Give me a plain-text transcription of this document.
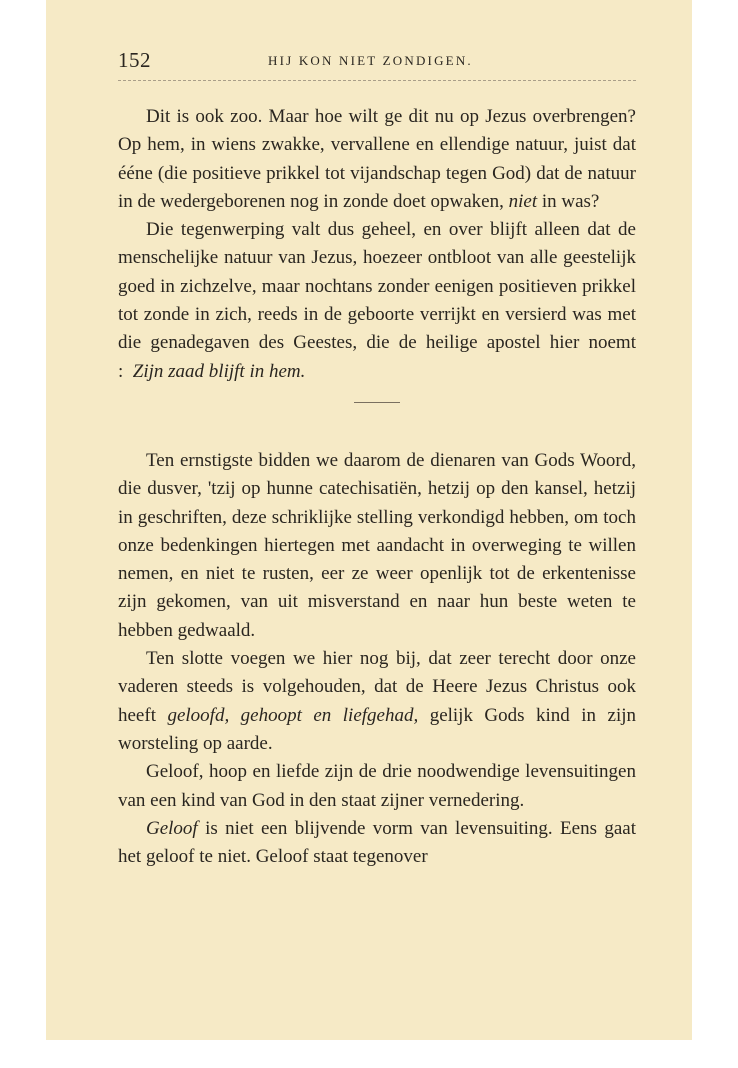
152	HIJ KON NIET ZONDIGEN.

Dit is ook zoo. Maar hoe wilt ge dit nu op Jezus overbrengen? Op hem, in wiens zwakke, vervallene en ellendige natuur, juist dat ééne (die positieve prikkel tot vijandschap tegen God) dat de natuur in de wedergeborenen nog in zonde doet opwaken, niet in was?

Die tegenwerping valt dus geheel, en over blijft alleen dat de menschelijke natuur van Jezus, hoezeer ontbloot van alle geestelijk goed in zichzelve, maar nochtans zonder eenigen positieven prikkel tot zonde in zich, reeds in de geboorte verrijkt en versierd was met die genadegaven des Geestes, die de heilige apostel hier noemt : Zijn zaad blijft in hem.

Ten ernstigste bidden we daarom de dienaren van Gods Woord, die dusver, 'tzij op hunne catechisatiën, hetzij op den kansel, hetzij in geschriften, deze schriklijke stelling verkondigd hebben, om toch onze bedenkingen hiertegen met aandacht in overweging te willen nemen, en niet te rusten, eer ze weer openlijk tot de erkentenisse zijn gekomen, van uit misverstand en naar hun beste weten te hebben gedwaald.

Ten slotte voegen we hier nog bij, dat zeer terecht door onze vaderen steeds is volgehouden, dat de Heere Jezus Christus ook heeft geloofd, gehoopt en liefgehad, gelijk Gods kind in zijn worsteling op aarde.

Geloof, hoop en liefde zijn de drie noodwendige levensuitingen van een kind van God in den staat zijner vernedering.

Geloof is niet een blijvende vorm van levensuiting. Eens gaat het geloof te niet. Geloof staat tegenover
